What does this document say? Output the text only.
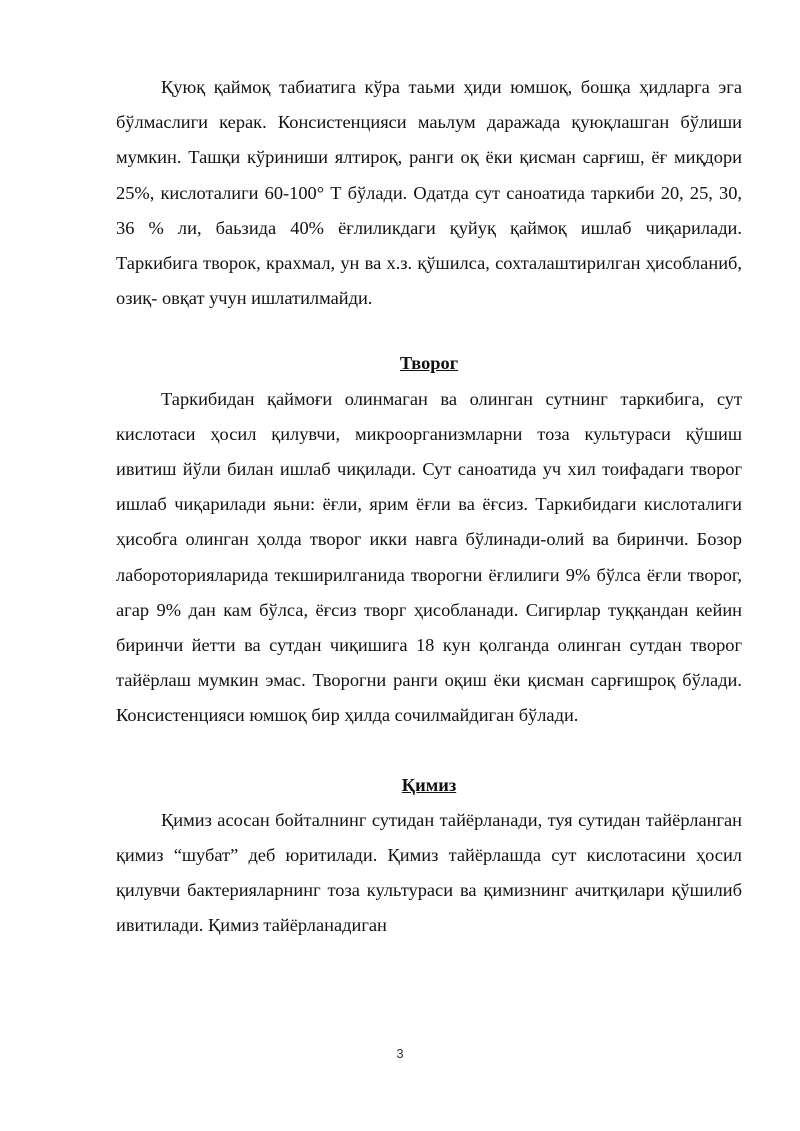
Қуюқ қаймоқ табиатига кўра таьми ҳиди юмшоқ, бошқа ҳидларга эга бўлмаслиги керак. Консистенцияси маьлум даражада қуюқлашган бўлиши мумкин. Ташқи кўриниши ялтироқ, ранги оқ ёки қисман сарғиш, ёғ миқдори 25%, кислоталиги 60-100° Т бўлади. Одатда сут саноатида таркиби 20, 25, 30, 36 % ли, баьзида 40% ёғлиликдаги қуйуқ қаймоқ ишлаб чиқарилади. Таркибига творок, крахмал, ун ва х.з. қўшилса, сохталаштирилган ҳисобланиб, озиқ- овқат учун ишлатилмайди.

Творог

Таркибидан қаймоғи олинмаган ва олинган сутнинг таркибига, сут кислотаси ҳосил қилувчи, микроорганизмларни тоза культураси қўшиш ивитиш йўли билан ишлаб чиқилади. Сут саноатида уч хил тоифадаги творог ишлаб чиқарилади яьни: ёғли, ярим ёғли ва ёғсиз. Таркибидаги кислоталиги ҳисобга олинган ҳолда творог икки навга бўлинади-олий ва биринчи. Бозор лабороторияларида текширилганида творогни ёғлилиги 9% бўлса ёғли творог, агар 9% дан кам бўлса, ёғсиз творг ҳисобланади. Сигирлар туққандан кейин биринчи йетти ва сутдан чиқишига 18 кун қолганда олинган сутдан творог тайёрлаш мумкин эмас. Творогни ранги оқиш ёки қисман сарғишроқ бўлади. Консистенцияси юмшоқ бир ҳилда сочилмайдиган бўлади.

Қимиз

Қимиз асосан бойталнинг сутидан тайёрланади, туя сутидан тайёрланган қимиз “шубат” деб юритилади. Қимиз тайёрлашда сут кислотасини ҳосил қилувчи бактерияларнинг тоза культураси ва қимизнинг ачитқилари қўшилиб ивитилади. Қимиз тайёрланадиган

3
